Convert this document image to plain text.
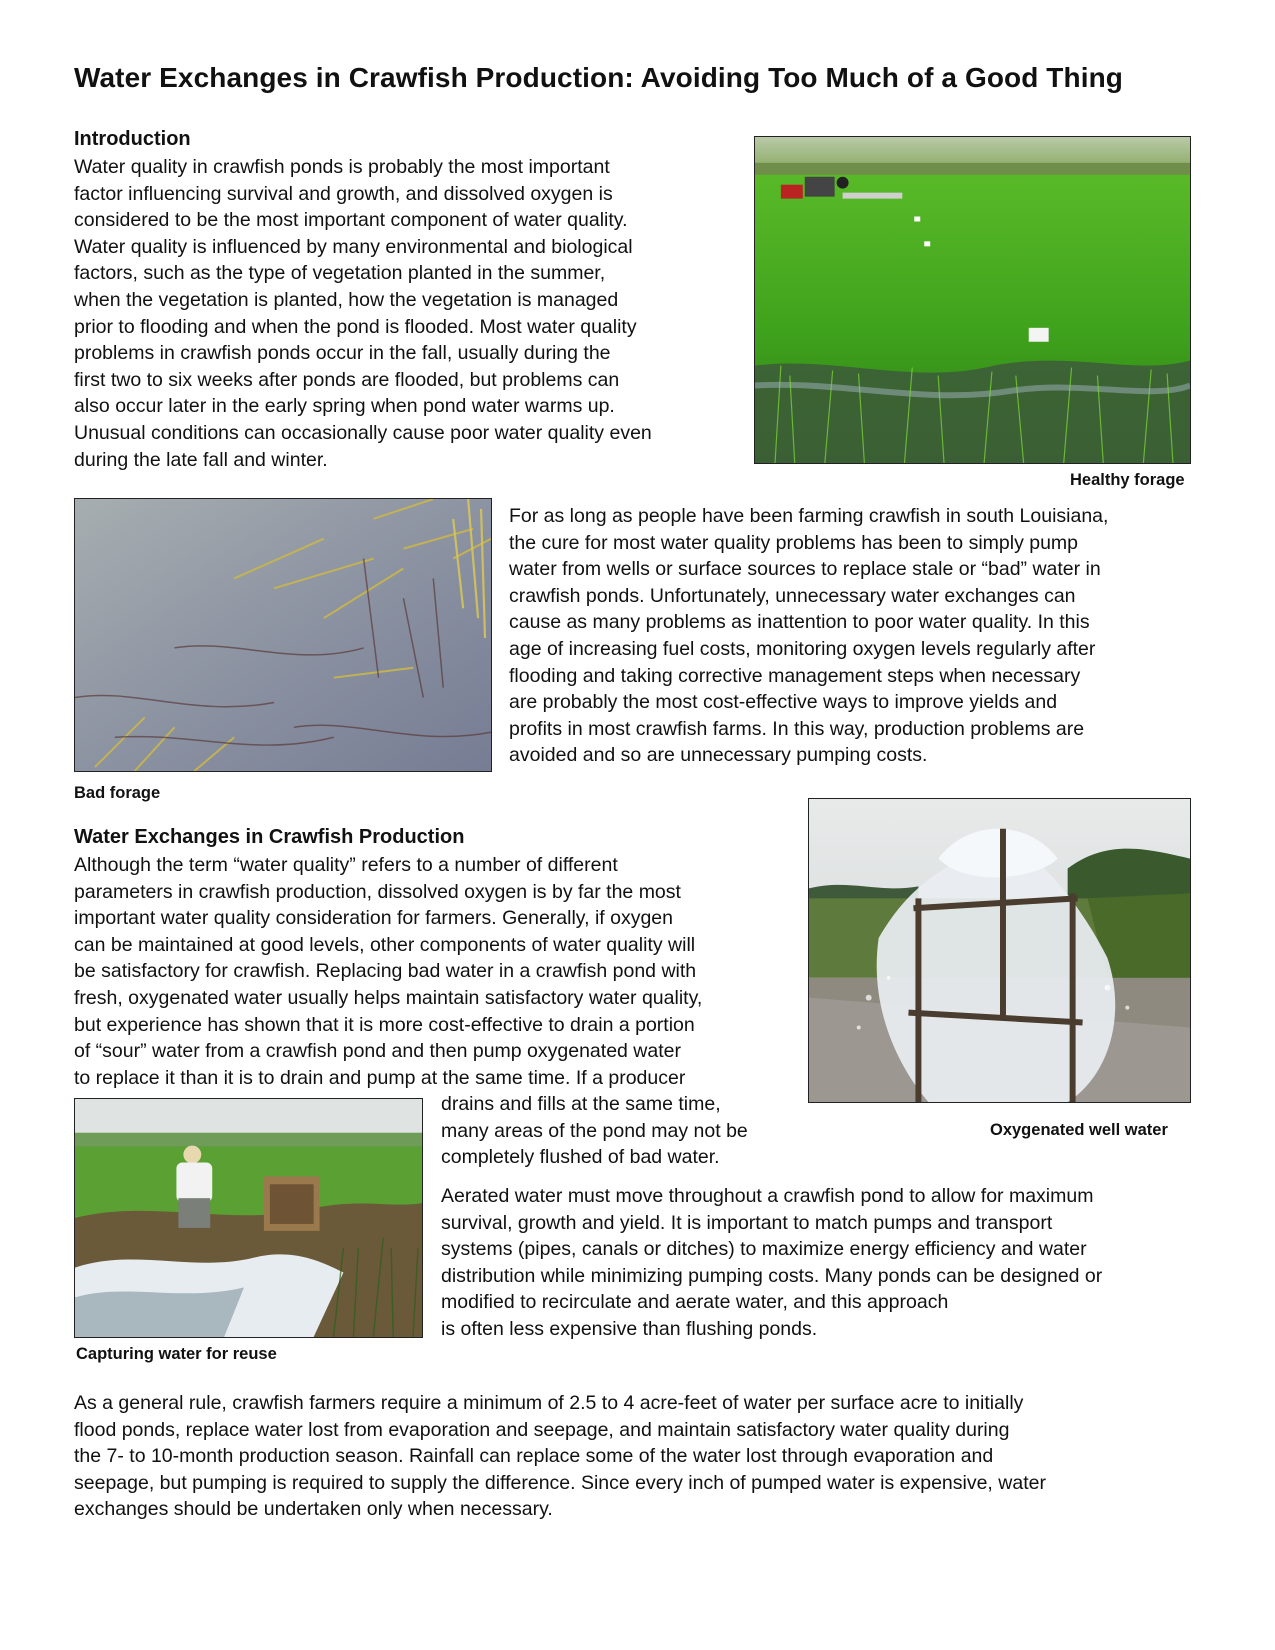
Water Exchanges in Crawfish Production: Avoiding Too Much of a Good Thing
Introduction
Water quality in crawfish ponds is probably the most important
factor influencing survival and growth, and dissolved oxygen is
considered to be the most important component of water quality.
Water quality is influenced by many environmental and biological
factors, such as the type of vegetation planted in the summer,
when the vegetation is planted, how the vegetation is managed
prior to flooding and when the pond is flooded. Most water quality
problems in crawfish ponds occur in the fall, usually during the
first two to six weeks after ponds are flooded, but problems can
also occur later in the early spring when pond water warms up.
Unusual conditions can occasionally cause poor water quality even
during the late fall and winter.
Healthy forage
Bad forage
For as long as people have been farming crawfish in south Louisiana,
the cure for most water quality problems has been to simply pump
water from wells or surface sources to replace stale or “bad” water in
crawfish ponds. Unfortunately, unnecessary water exchanges can
cause as many problems as inattention to poor water quality. In this
age of increasing fuel costs, monitoring oxygen levels regularly after
flooding and taking corrective management steps when necessary
are probably the most cost-effective ways to improve yields and
profits in most crawfish farms. In this way, production problems are
avoided and so are unnecessary pumping costs.
Water Exchanges in Crawfish Production
Although the term “water quality” refers to a number of different
parameters in crawfish production, dissolved oxygen is by far the most
important water quality consideration for farmers. Generally, if oxygen
can be maintained at good levels, other components of water quality will
be satisfactory for crawfish. Replacing bad water in a crawfish pond with
fresh, oxygenated water usually helps maintain satisfactory water quality,
but experience has shown that it is more cost-effective to drain a portion
of “sour” water from a crawfish pond and then pump oxygenated water
to replace it than it is to drain and pump at the same time. If a producer
drains and fills at the same time,
many areas of the pond may not be
completely flushed of bad water.
Oxygenated well water
Capturing water for reuse
Aerated water must move throughout a crawfish pond to allow for maximum
survival, growth and yield. It is important to match pumps and transport
systems (pipes, canals or ditches) to maximize energy efficiency and water
distribution while minimizing pumping costs. Many ponds can be designed or
modified to recirculate and aerate water, and this approach
is often less expensive than flushing ponds.
As a general rule, crawfish farmers require a minimum of 2.5 to 4 acre-feet of water per surface acre to initially
flood ponds, replace water lost from evaporation and seepage, and maintain satisfactory water quality during
the 7- to 10-month production season. Rainfall can replace some of the water lost through evaporation and
seepage, but pumping is required to supply the difference. Since every inch of pumped water is expensive, water
exchanges should be undertaken only when necessary.
